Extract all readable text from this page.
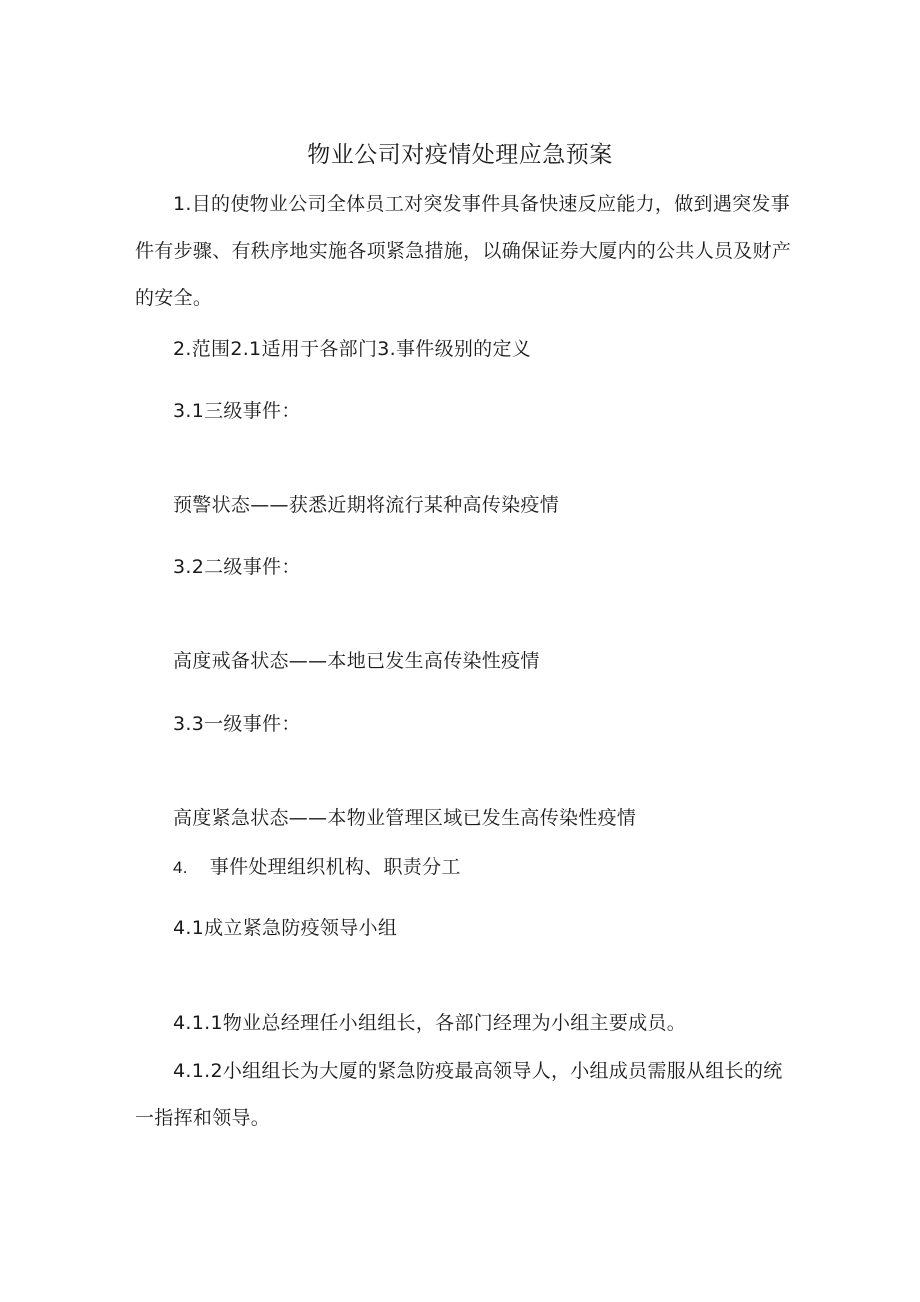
物业公司对疫情处理应急预案
1.目的使物业公司全体员工对突发事件具备快速反应能力，做到遇突发事件有步骤、有秩序地实施各项紧急措施，以确保证券大厦内的公共人员及财产的安全。
2.范围2.1适用于各部门3.事件级别的定义
3.1三级事件：
预警状态——获悉近期将流行某种高传染疫情
3.2二级事件：
高度戒备状态——本地已发生高传染性疫情
3.3一级事件：
高度紧急状态——本物业管理区域已发生高传染性疫情
4. 事件处理组织机构、职责分工
4.1成立紧急防疫领导小组
4.1.1物业总经理任小组组长，各部门经理为小组主要成员。
4.1.2小组组长为大厦的紧急防疫最高领导人，小组成员需服从组长的统一指挥和领导。
